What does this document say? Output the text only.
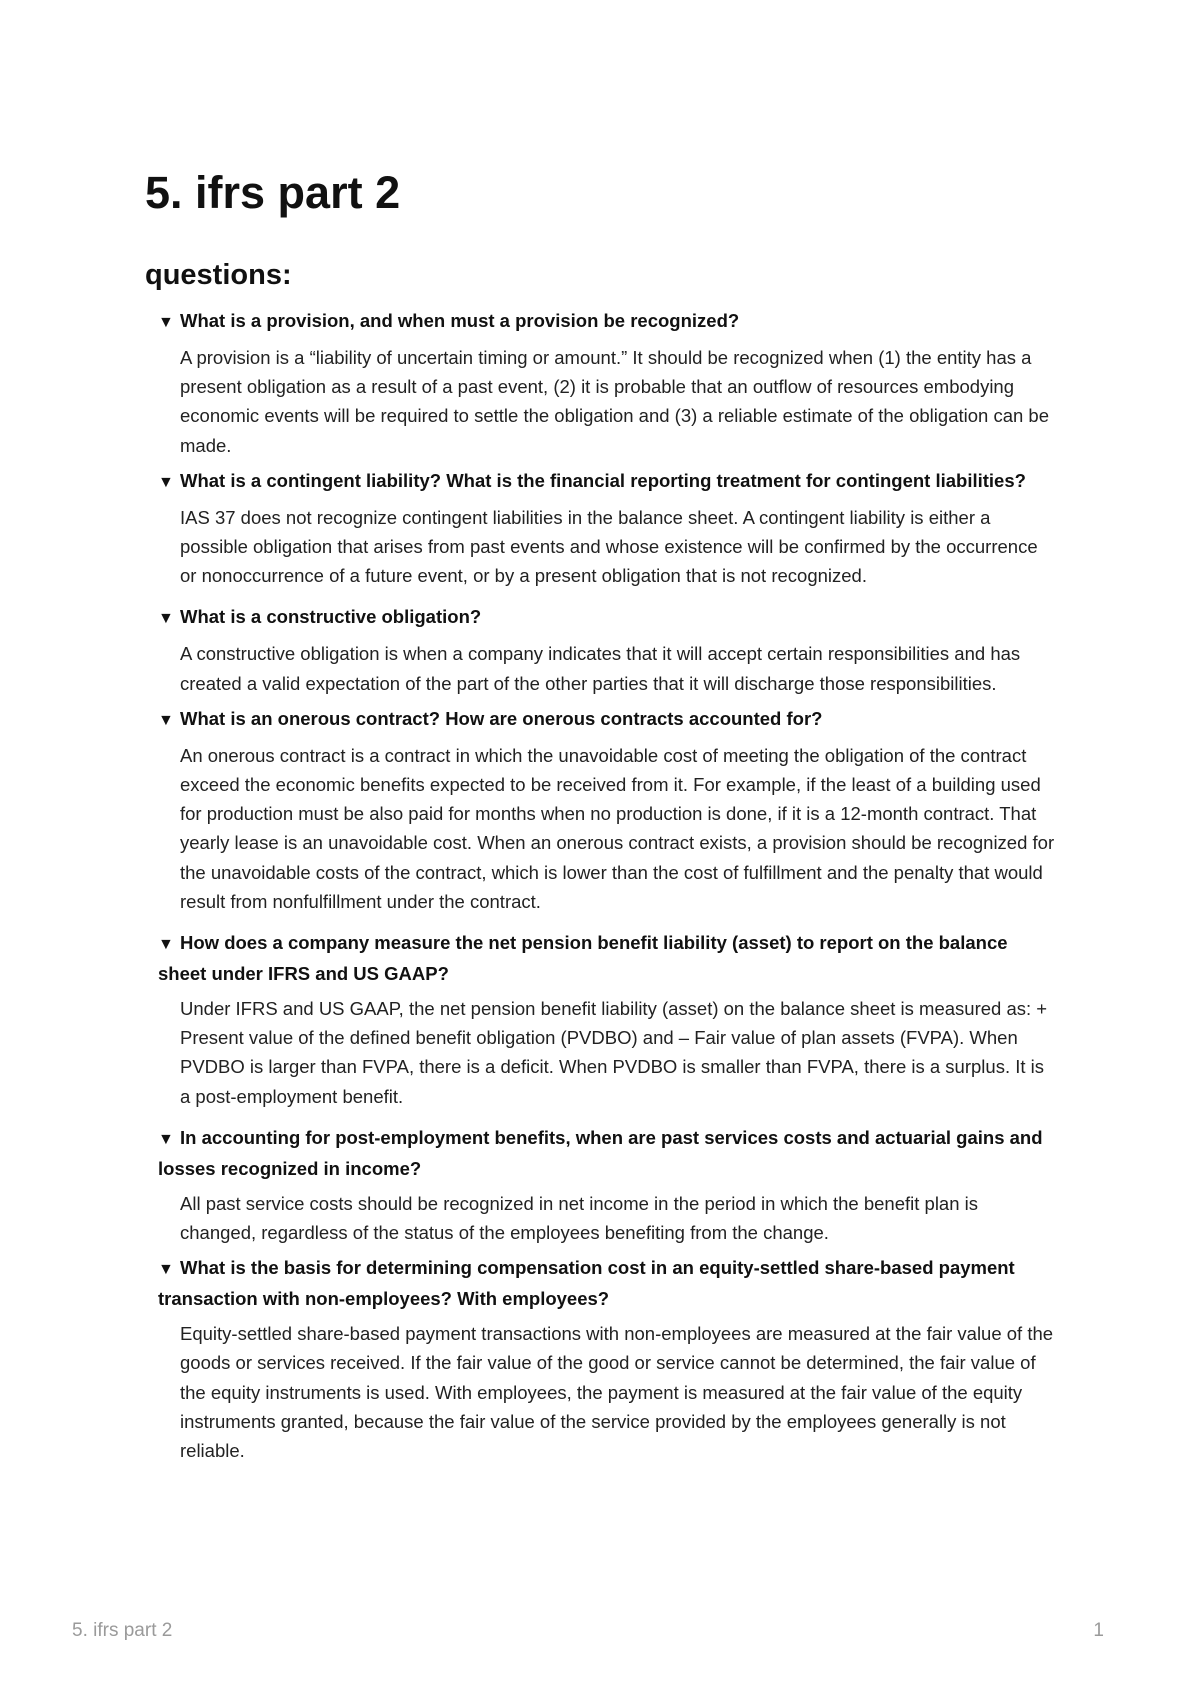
5. ifrs part 2
questions:
▼ What is a provision, and when must a provision be recognized?

A provision is a “liability of uncertain timing or amount.” It should be recognized when (1) the entity has a present obligation as a result of a past event, (2) it is probable that an outflow of resources embodying economic events will be required to settle the obligation and (3) a reliable estimate of the obligation can be made.

▼ What is a contingent liability? What is the financial reporting treatment for contingent liabilities?

IAS 37 does not recognize contingent liabilities in the balance sheet. A contingent liability is either a possible obligation that arises from past events and whose existence will be confirmed by the occurrence or nonoccurrence of a future event, or by a present obligation that is not recognized.

▼ What is a constructive obligation?

A constructive obligation is when a company indicates that it will accept certain responsibilities and has created a valid expectation of the part of the other parties that it will discharge those responsibilities.

▼ What is an onerous contract? How are onerous contracts accounted for?

An onerous contract is a contract in which the unavoidable cost of meeting the obligation of the contract exceed the economic benefits expected to be received from it. For example, if the least of a building used for production must be also paid for months when no production is done, if it is a 12-month contract. That yearly lease is an unavoidable cost. When an onerous contract exists, a provision should be recognized for the unavoidable costs of the contract, which is lower than the cost of fulfillment and the penalty that would result from nonfulfillment under the contract.

▼ How does a company measure the net pension benefit liability (asset) to report on the balance sheet under IFRS and US GAAP?

Under IFRS and US GAAP, the net pension benefit liability (asset) on the balance sheet is measured as: + Present value of the defined benefit obligation (PVDBO) and – Fair value of plan assets (FVPA). When PVDBO is larger than FVPA, there is a deficit. When PVDBO is smaller than FVPA, there is a surplus. It is a post-employment benefit.

▼ In accounting for post-employment benefits, when are past services costs and actuarial gains and losses recognized in income?

All past service costs should be recognized in net income in the period in which the benefit plan is changed, regardless of the status of the employees benefiting from the change.

▼ What is the basis for determining compensation cost in an equity-settled share-based payment transaction with non-employees? With employees?

Equity-settled share-based payment transactions with non-employees are measured at the fair value of the goods or services received. If the fair value of the good or service cannot be determined, the fair value of the equity instruments is used. With employees, the payment is measured at the fair value of the equity instruments granted, because the fair value of the service provided by the employees generally is not reliable.

5. ifrs part 2	1
